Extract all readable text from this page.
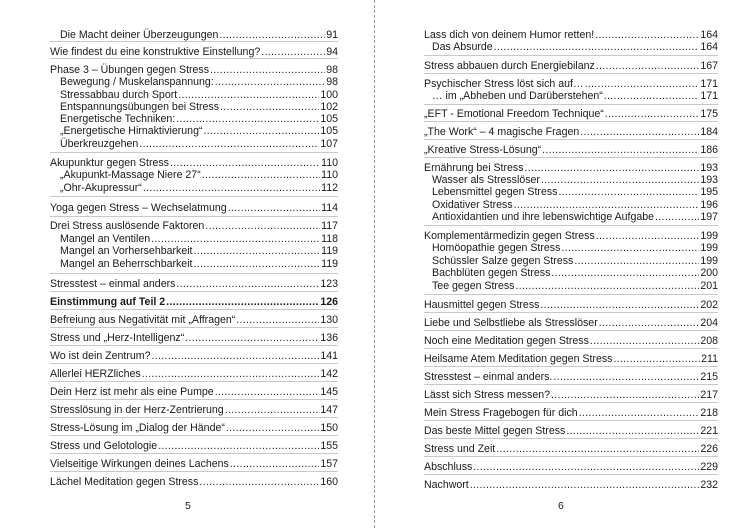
Die Macht deiner Überzeugungen .....	91
Wie findest du eine konstruktive Einstellung? .....	94
Phase 3 – Übungen gegen Stress .....	98
Bewegung / Muskelanspannung: .....	98
Stressabbau durch Sport .....	100
Entspannungsübungen bei Stress .....	102
Energetische Techniken: .....	105
„Energetische Hirnaktivierung“ .....	105
Überkreuzgehen .....	107
Akupunktur gegen Stress .....	110
„Akupunkt-Massage Niere 27“ .....	110
„Ohr-Akupressur“ .....	112
Yoga gegen Stress – Wechselatmung .....	114
Drei Stress auslösende Faktoren .....	117
Mangel an Ventilen .....	118
Mangel an Vorhersehbarkeit .....	119
Mangel an Beherrschbarkeit .....	119
Stresstest – einmal anders .....	123
Einstimmung auf Teil 2 .....	126
Befreiung aus Negativität mit „Affragen“ .....	130
Stress und „Herz-Intelligenz“ .....	136
Wo ist dein Zentrum? .....	141
Allerlei HERZliches .....	142
Dein Herz ist mehr als eine Pumpe .....	145
Stresslösung in der Herz-Zentrierung .....	147
Stress-Lösung im „Dialog der Hände“ .....	150
Stress und Gelotologie .....	155
Vielseitige Wirkungen deines Lachens .....	157
Lächel Meditation gegen Stress .....	160
5
Lass dich von deinem Humor retten! .....	164
Das Absurde .....	164
Stress abbauen durch Energiebilanz .....	167
Psychischer Stress löst sich auf… .....	171
… im „Abheben und Darüberstehen“ .....	171
„EFT - Emotional Freedom Technique“ .....	175
„The Work“ – 4 magische Fragen .....	184
„Kreative Stress-Lösung“ .....	186
Ernährung bei Stress .....	193
Wasser als Stresslöser .....	193
Lebensmittel gegen Stress .....	195
Oxidativer Stress .....	196
Antioxidantien und ihre lebenswichtige Aufgabe .....	197
Komplementärmedizin gegen Stress .....	199
Homöopathie gegen Stress .....	199
Schüssler Salze gegen Stress .....	199
Bachblüten gegen Stress .....	200
Tee gegen Stress .....	201
Hausmittel gegen Stress .....	202
Liebe und Selbstliebe als Stresslöser .....	204
Noch eine Meditation gegen Stress .....	208
Heilsame Atem Meditation gegen Stress .....	211
Stresstest – einmal anders. .....	215
Lässt sich Stress messen? .....	217
Mein Stress Fragebogen für dich .....	218
Das beste Mittel gegen Stress .....	221
Stress und Zeit .....	226
Abschluss .....	229
Nachwort .....	232
6
